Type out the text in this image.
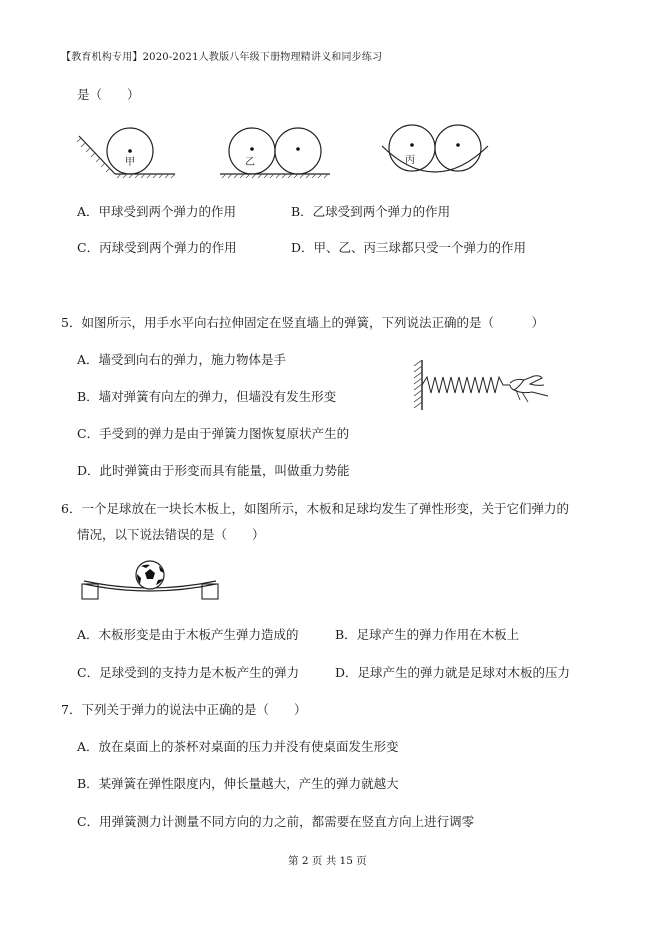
【教育机构专用】2020-2021人教版八年级下册物理精讲义和同步练习
是（　　）
甲	乙	丙
A．甲球受到两个弹力的作用	B．乙球受到两个弹力的作用
C．丙球受到两个弹力的作用	D．甲、乙、丙三球都只受一个弹力的作用
5．如图所示，用手水平向右拉伸固定在竖直墙上的弹簧，下列说法正确的是（　　　）
A．墙受到向右的弹力，施力物体是手
B．墙对弹簧有向左的弹力，但墙没有发生形变
C．手受到的弹力是由于弹簧力图恢复原状产生的
D．此时弹簧由于形变而具有能量，叫做重力势能
6．一个足球放在一块长木板上，如图所示，木板和足球均发生了弹性形变，关于它们弹力的
情况，以下说法错误的是（　　）
A．木板形变是由于木板产生弹力造成的	B．足球产生的弹力作用在木板上
C．足球受到的支持力是木板产生的弹力	D．足球产生的弹力就是足球对木板的压力
7．下列关于弹力的说法中正确的是（　　）
A．放在桌面上的茶杯对桌面的压力并没有使桌面发生形变
B．某弹簧在弹性限度内，伸长量越大，产生的弹力就越大
C．用弹簧测力计测量不同方向的力之前，都需要在竖直方向上进行调零
第 2 页 共 15 页
